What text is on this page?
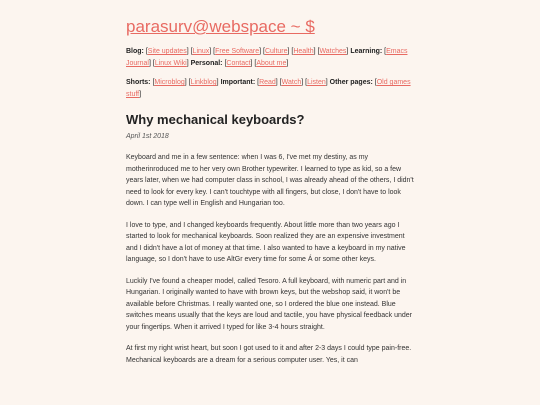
parasurv@webspace ~ $
Blog: [Site updates] [Linux] [Free Software] [Culture] [Health] [Watches] Learning: [Emacs Journal] [Linux Wiki] Personal: [Contact] [About me]
Shorts: [Microblog] [Linkblog] Important: [Read] [Watch] [Listen] Other pages: [Old games stuff]
Why mechanical keyboards?

April 1st 2018

Keyboard and me in a few sentence: when I was 6, I've met my destiny, as my motherinroduced me to her very own Brother typewriter. I learned to type as kid, so a few years later, when we had computer class in school, I was already ahead of the others, I didn't need to look for every key. I can't touchtype with all fingers, but close, I don't have to look down. I can type well in English and Hungarian too.

I love to type, and I changed keyboards frequently. About little more than two years ago I started to look for mechanical keyboards. Soon realized they are an expensive investment and I didn't have a lot of money at that time. I also wanted to have a keyboard in my native language, so I don't have to use AltGr every time for some Á or some other keys.

Luckily I've found a cheaper model, called Tesoro. A full keyboard, with numeric part and in Hungarian. I originally wanted to have with brown keys, but the webshop said, it won't be available before Christmas. I really wanted one, so I ordered the blue one instead. Blue switches means usually that the keys are loud and tactile, you have physical feedback under your fingertips. When it arrived I typed for like 3-4 hours straight.

At first my right wrist heart, but soon I got used to it and after 2-3 days I could type pain-free. Mechanical keyboards are a dream for a serious computer user. Yes, it can
